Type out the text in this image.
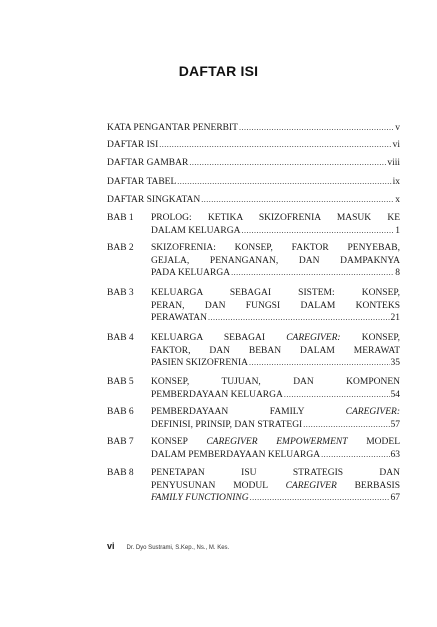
DAFTAR ISI
KATA PENGANTAR PENERBIT .....	v
DAFTAR ISI .....	vi
DAFTAR GAMBAR .....	viii
DAFTAR TABEL .....	ix
DAFTAR SINGKATAN .....	x
BAB 1 PROLOG: KETIKA SKIZOFRENIA MASUK KE
DALAM KELUARGA .....	1
BAB 2 SKIZOFRENIA: KONSEP, FAKTOR PENYEBAB,
GEJALA, PENANGANAN, DAN DAMPAKNYA
PADA KELUARGA .....	8
BAB 3 KELUARGA SEBAGAI SISTEM: KONSEP,
PERAN, DAN FUNGSI DALAM KONTEKS
PERAWATAN .....	21
BAB 4 KELUARGA SEBAGAI CAREGIVER: KONSEP,
FAKTOR, DAN BEBAN DALAM MERAWAT
PASIEN SKIZOFRENIA .....	35
BAB 5 KONSEP, TUJUAN, DAN KOMPONEN
PEMBERDAYAAN KELUARGA .....	54
BAB 6 PEMBERDAYAAN FAMILY CAREGIVER:
DEFINISI, PRINSIP, DAN STRATEGI .....	57
BAB 7 KONSEP CAREGIVER EMPOWERMENT MODEL
DALAM PEMBERDAYAAN KELUARGA .....	63
BAB 8 PENETAPAN ISU STRATEGIS DAN
PENYUSUNAN MODUL CAREGIVER BERBASIS
FAMILY FUNCTIONING .....	67
vi Dr. Dyo Sustrami, S.Kep., Ns., M. Kes.
